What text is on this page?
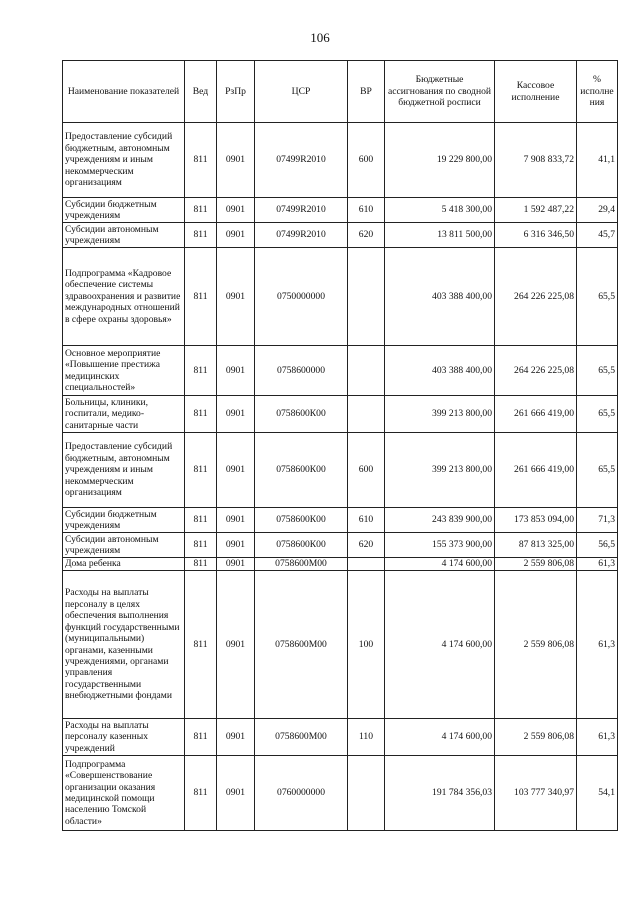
106
Наименование показателей	Вед	РзПр	ЦСР	ВР	Бюджетные ассигнования по сводной бюджетной росписи	Кассовое исполнение	% исполне ния
Предоставление субсидий бюджетным, автономным учреждениям и иным некоммерческим организациям	811	0901	07499R2010	600	19 229 800,00	7 908 833,72	41,1
Субсидии бюджетным учреждениям	811	0901	07499R2010	610	5 418 300,00	1 592 487,22	29,4
Субсидии автономным учреждениям	811	0901	07499R2010	620	13 811 500,00	6 316 346,50	45,7
Подпрограмма «Кадровое обеспечение системы здравоохранения и развитие международных отношений в сфере охраны здоровья»	811	0901	0750000000		403 388 400,00	264 226 225,08	65,5
Основное мероприятие «Повышение престижа медицинских специальностей»	811	0901	0758600000		403 388 400,00	264 226 225,08	65,5
Больницы, клиники, госпитали, медико-санитарные части	811	0901	0758600К00		399 213 800,00	261 666 419,00	65,5
Предоставление субсидий бюджетным, автономным учреждениям и иным некоммерческим организациям	811	0901	0758600К00	600	399 213 800,00	261 666 419,00	65,5
Субсидии бюджетным учреждениям	811	0901	0758600К00	610	243 839 900,00	173 853 094,00	71,3
Субсидии автономным учреждениям	811	0901	0758600К00	620	155 373 900,00	87 813 325,00	56,5
Дома ребенка	811	0901	0758600М00		4 174 600,00	2 559 806,08	61,3
Расходы на выплаты персоналу в целях обеспечения выполнения функций государственными (муниципальными) органами, казенными учреждениями, органами управления государственными внебюджетными фондами	811	0901	0758600М00	100	4 174 600,00	2 559 806,08	61,3
Расходы на выплаты персоналу казенных учреждений	811	0901	0758600М00	110	4 174 600,00	2 559 806,08	61,3
Подпрограмма «Совершенствование организации оказания медицинской помощи населению Томской области»	811	0901	0760000000		191 784 356,03	103 777 340,97	54,1
